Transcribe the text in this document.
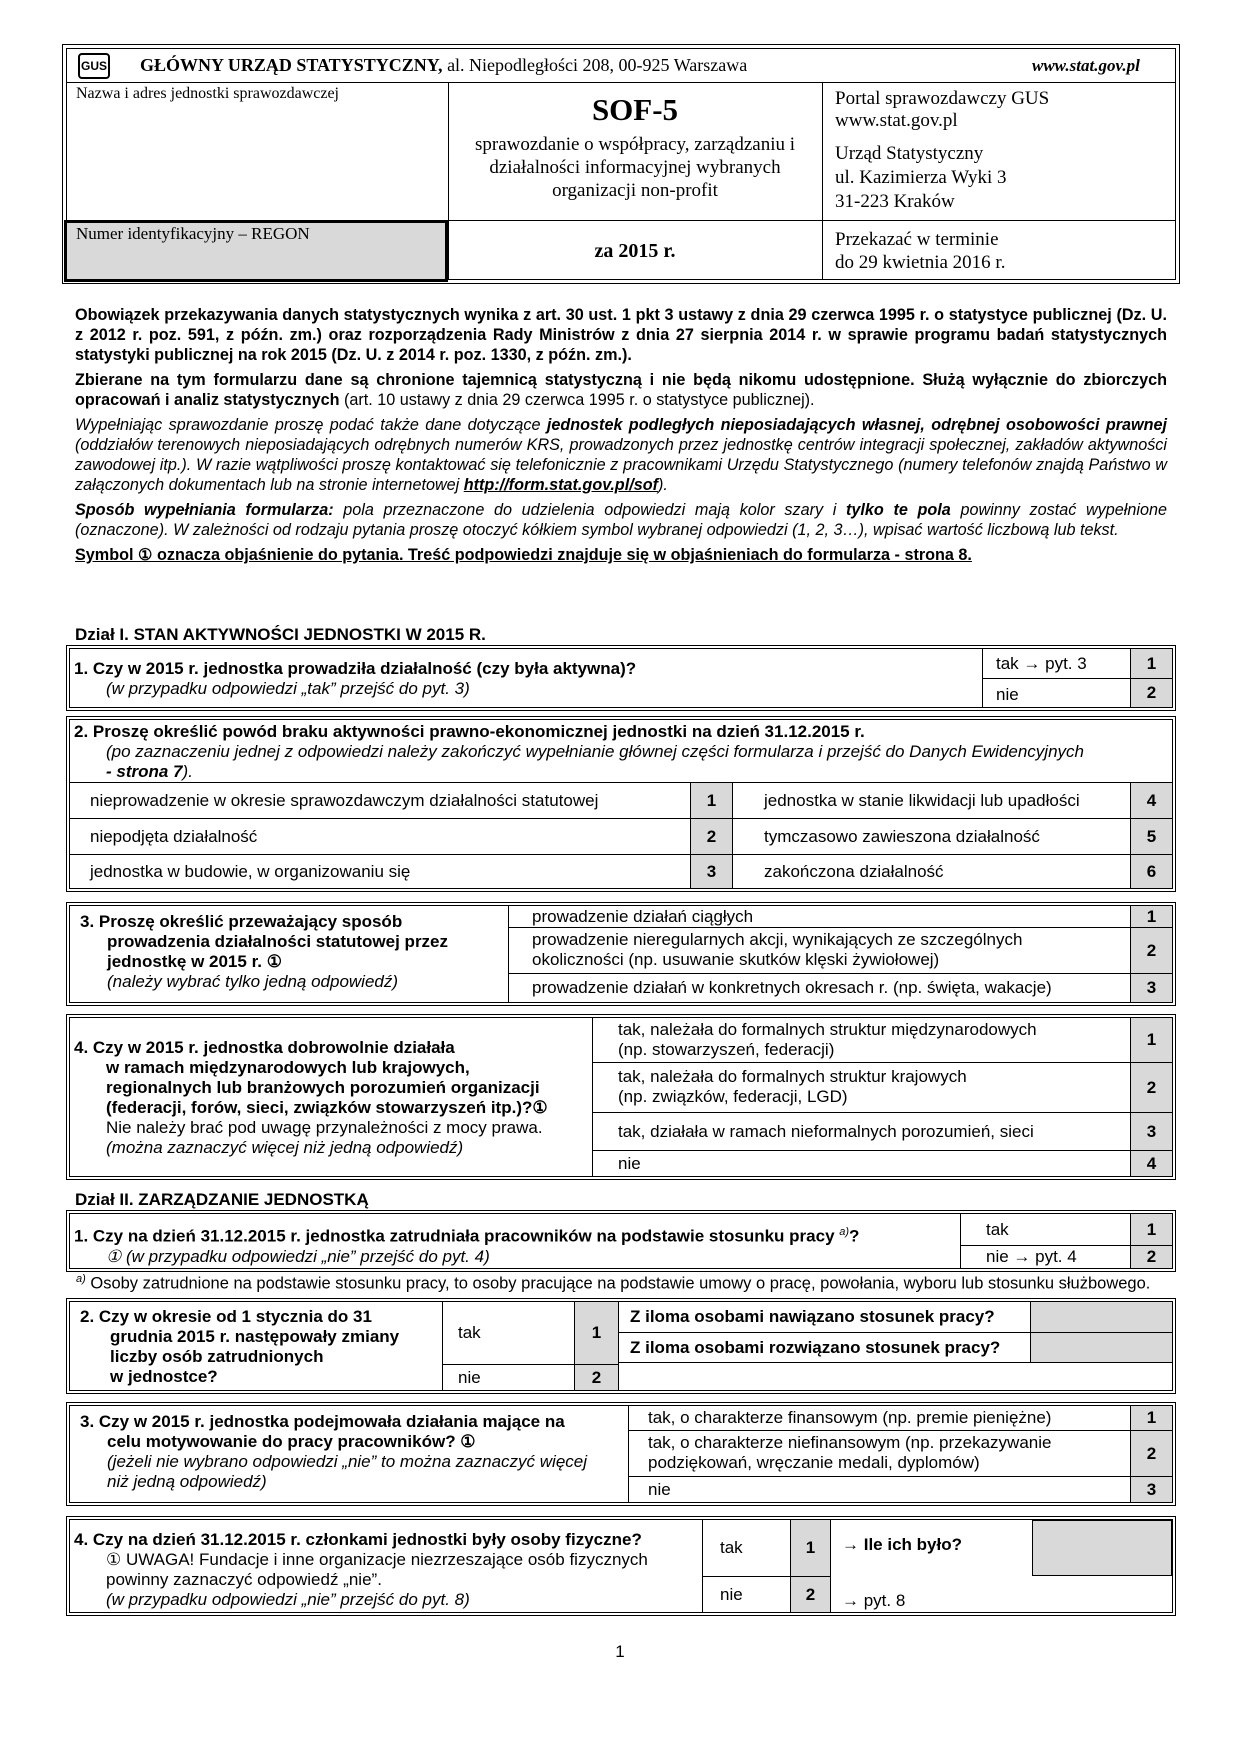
GUS GŁÓWNY URZĄD STATYSTYCZNY, al. Niepodległości 208, 00-925 Warszawa	www.stat.gov.pl
Nazwa i adres jednostki sprawozdawczej	SOF-5
sprawozdanie o współpracy, zarządzaniu i działalności informacyjnej wybranych organizacji non-profit
Portal sprawozdawczy GUS
www.stat.gov.pl
Urząd Statystyczny
ul. Kazimierza Wyki 3
31-223 Kraków
Numer identyfikacyjny – REGON
za 2015 r.
Przekazać w terminie
do 29 kwietnia 2016 r.

Obowiązek przekazywania danych statystycznych wynika z art. 30 ust. 1 pkt 3 ustawy z dnia 29 czerwca 1995 r. o statystyce publicznej (Dz. U. z 2012 r. poz. 591, z późn. zm.) oraz rozporządzenia Rady Ministrów z dnia 27 sierpnia 2014 r. w sprawie programu badań statystycznych statystyki publicznej na rok 2015 (Dz. U. z 2014 r. poz. 1330, z późn. zm.).

Zbierane na tym formularzu dane są chronione tajemnicą statystyczną i nie będą nikomu udostępnione. Służą wyłącznie do zbiorczych opracowań i analiz statystycznych (art. 10 ustawy z dnia 29 czerwca 1995 r. o statystyce publicznej).

Wypełniając sprawozdanie proszę podać także dane dotyczące jednostek podległych nieposiadających własnej, odrębnej osobowości prawnej (oddziałów terenowych nieposiadających odrębnych numerów KRS, prowadzonych przez jednostkę centrów integracji społecznej, zakładów aktywności zawodowej itp.). W razie wątpliwości proszę kontaktować się telefonicznie z pracownikami Urzędu Statystycznego (numery telefonów znajdą Państwo w załączonych dokumentach lub na stronie internetowej http://form.stat.gov.pl/sof).

Sposób wypełniania formularza: pola przeznaczone do udzielenia odpowiedzi mają kolor szary i tylko te pola powinny zostać wypełnione (oznaczone). W zależności od rodzaju pytania proszę otoczyć kółkiem symbol wybranej odpowiedzi (1, 2, 3…), wpisać wartość liczbową lub tekst.

Symbol ① oznacza objaśnienie do pytania. Treść podpowiedzi znajduje się w objaśnieniach do formularza - strona 8.

Dział I. STAN AKTYWNOŚCI JEDNOSTKI W 2015 R.
1. Czy w 2015 r. jednostka prowadziła działalność (czy była aktywna)?
(w przypadku odpowiedzi „tak” przejść do pyt. 3)
tak → pyt. 3
nie
1
2
2. Proszę określić powód braku aktywności prawno-ekonomicznej jednostki na dzień 31.12.2015 r.
(po zaznaczeniu jednej z odpowiedzi należy zakończyć wypełnianie głównej części formularza i przejść do Danych Ewidencyjnych
- strona 7).
nieprowadzenie w okresie sprawozdawczym działalności statutowej
niepodjęta działalność
jednostka w budowie, w organizowaniu się
1
2
3
jednostka w stanie likwidacji lub upadłości
tymczasowo zawieszona działalność
zakończona działalność
4
5
6
3. Proszę określić przeważający sposób
prowadzenia działalności statutowej przez
jednostkę w 2015 r. ①
(należy wybrać tylko jedną odpowiedź)
prowadzenie działań ciągłych
prowadzenie nieregularnych akcji, wynikających ze szczególnych
okoliczności (np. usuwanie skutków klęski żywiołowej)
prowadzenie działań w konkretnych okresach r. (np. święta, wakacje)
1
2
3
4. Czy w 2015 r. jednostka dobrowolnie działała
w ramach międzynarodowych lub krajowych,
regionalnych lub branżowych porozumień organizacji
(federacji, forów, sieci, związków stowarzyszeń itp.)?①
Nie należy brać pod uwagę przynależności z mocy prawa.
(można zaznaczyć więcej niż jedną odpowiedź)
tak, należała do formalnych struktur międzynarodowych
(np. stowarzyszeń, federacji)
tak, należała do formalnych struktur krajowych
(np. związków, federacji, LGD)
tak, działała w ramach nieformalnych porozumień, sieci
nie
1
2
3
4
Dział II. ZARZĄDZANIE JEDNOSTKĄ
1. Czy na dzień 31.12.2015 r. jednostka zatrudniała pracowników na podstawie stosunku pracy $^{a)}$?
① (w przypadku odpowiedzi „nie” przejść do pyt. 4)
tak
nie → pyt. 4
1
2
$^{a)}$ Osoby zatrudnione na podstawie stosunku pracy, to osoby pracujące na podstawie umowy o pracę, powołania, wyboru lub stosunku służbowego.
2. Czy w okresie od 1 stycznia do 31
grudnia 2015 r. następowały zmiany
liczby osób zatrudnionych
w jednostce?
tak
nie
1
2
Z iloma osobami nawiązano stosunek pracy?
Z iloma osobami rozwiązano stosunek pracy?
3. Czy w 2015 r. jednostka podejmowała działania mające na
celu motywowanie do pracy pracowników? ①
(jeżeli nie wybrano odpowiedzi „nie” to można zaznaczyć więcej
niż jedną odpowiedź)
tak, o charakterze finansowym (np. premie pieniężne)
tak, o charakterze niefinansowym (np. przekazywanie
podziękowań, wręczanie medali, dyplomów)
nie
1
2
3
4. Czy na dzień 31.12.2015 r. członkami jednostki były osoby fizyczne?
① UWAGA! Fundacje i inne organizacje niezrzeszające osób fizycznych
powinny zaznaczyć odpowiedź „nie”.
(w przypadku odpowiedzi „nie” przejść do pyt. 8)
tak
nie
1
2
→ Ile ich było?
→ pyt. 8
1
